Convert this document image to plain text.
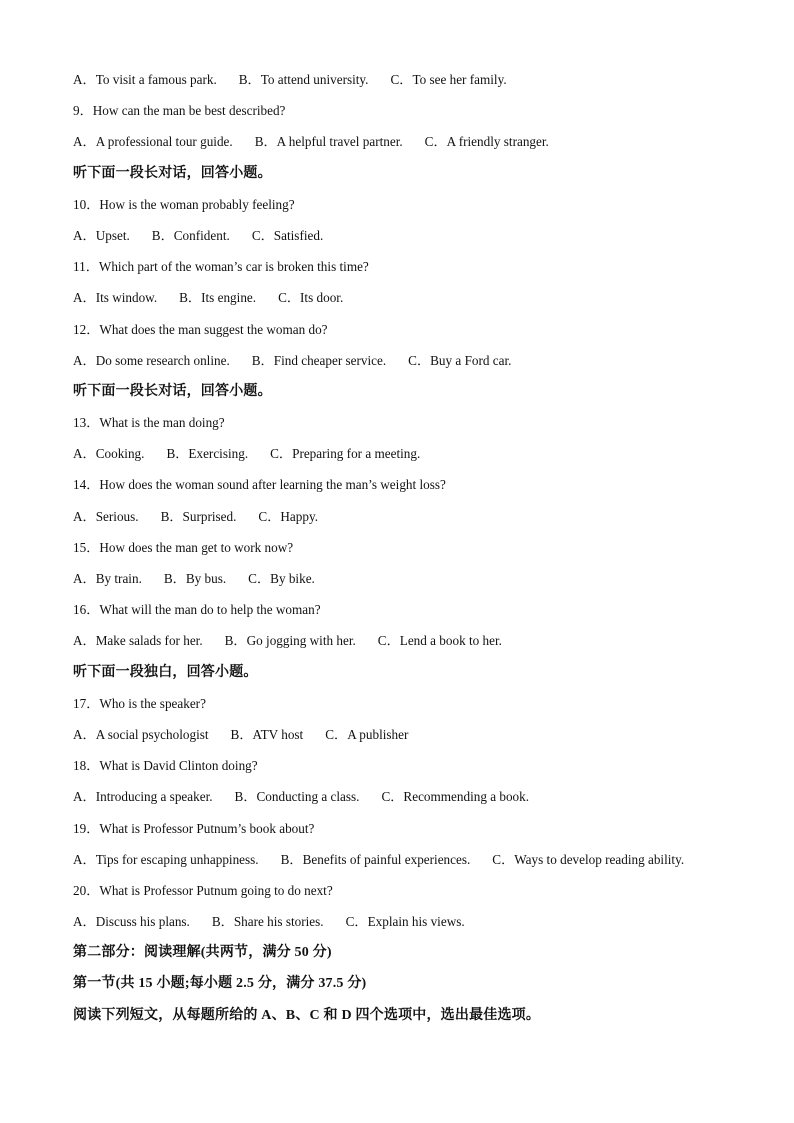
A．To visit a famous park. B．To attend university. C．To see her family.
9．How can the man be best described?
A．A professional tour guide. B．A helpful travel partner. C．A friendly stranger.
听下面一段长对话，回答小题。
10．How is the woman probably feeling?
A．Upset. B．Confident. C．Satisfied.
11．Which part of the woman’s car is broken this time?
A．Its window. B．Its engine. C．Its door.
12．What does the man suggest the woman do?
A．Do some research online. B．Find cheaper service. C．Buy a Ford car.
听下面一段长对话，回答小题。
13．What is the man doing?
A．Cooking. B．Exercising. C．Preparing for a meeting.
14．How does the woman sound after learning the man’s weight loss?
A．Serious. B．Surprised. C．Happy.
15．How does the man get to work now?
A．By train. B．By bus. C．By bike.
16．What will the man do to help the woman?
A．Make salads for her. B．Go jogging with her. C．Lend a book to her.
听下面一段独白，回答小题。
17．Who is the speaker?
A．A social psychologist B．ATV host C．A publisher
18．What is David Clinton doing?
A．Introducing a speaker. B．Conducting a class. C．Recommending a book.
19．What is Professor Putnum’s book about?
A．Tips for escaping unhappiness. B．Benefits of painful experiences. C．Ways to develop reading ability.
20．What is Professor Putnum going to do next?
A．Discuss his plans. B．Share his stories. C．Explain his views.
第二部分：阅读理解(共两节，满分 50 分)
第一节(共 15 小题;每小题 2.5 分，满分 37.5 分)
阅读下列短文，从每题所给的 A、B、C 和 D 四个选项中，选出最佳选项。
